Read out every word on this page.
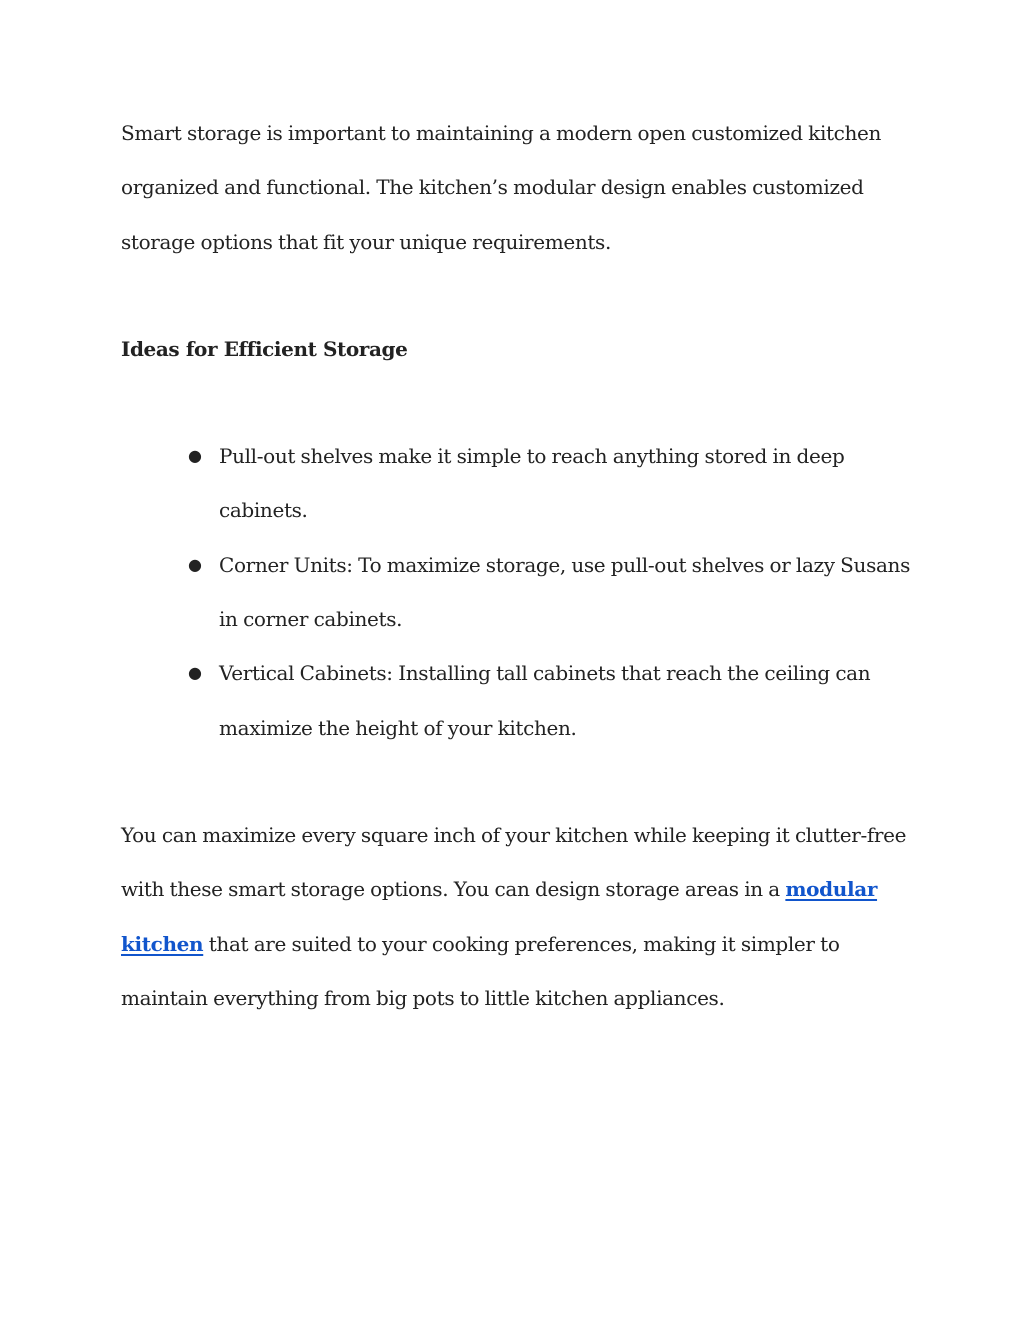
Smart storage is important to maintaining a modern open customized kitchen organized and functional. The kitchen’s modular design enables customized storage options that fit your unique requirements.

Ideas for Efficient Storage
● Pull-out shelves make it simple to reach anything stored in deep cabinets.
● Corner Units: To maximize storage, use pull-out shelves or lazy Susans in corner cabinets.
● Vertical Cabinets: Installing tall cabinets that reach the ceiling can maximize the height of your kitchen.

You can maximize every square inch of your kitchen while keeping it clutter-free with these smart storage options. You can design storage areas in a modular kitchen that are suited to your cooking preferences, making it simpler to maintain everything from big pots to little kitchen appliances.
